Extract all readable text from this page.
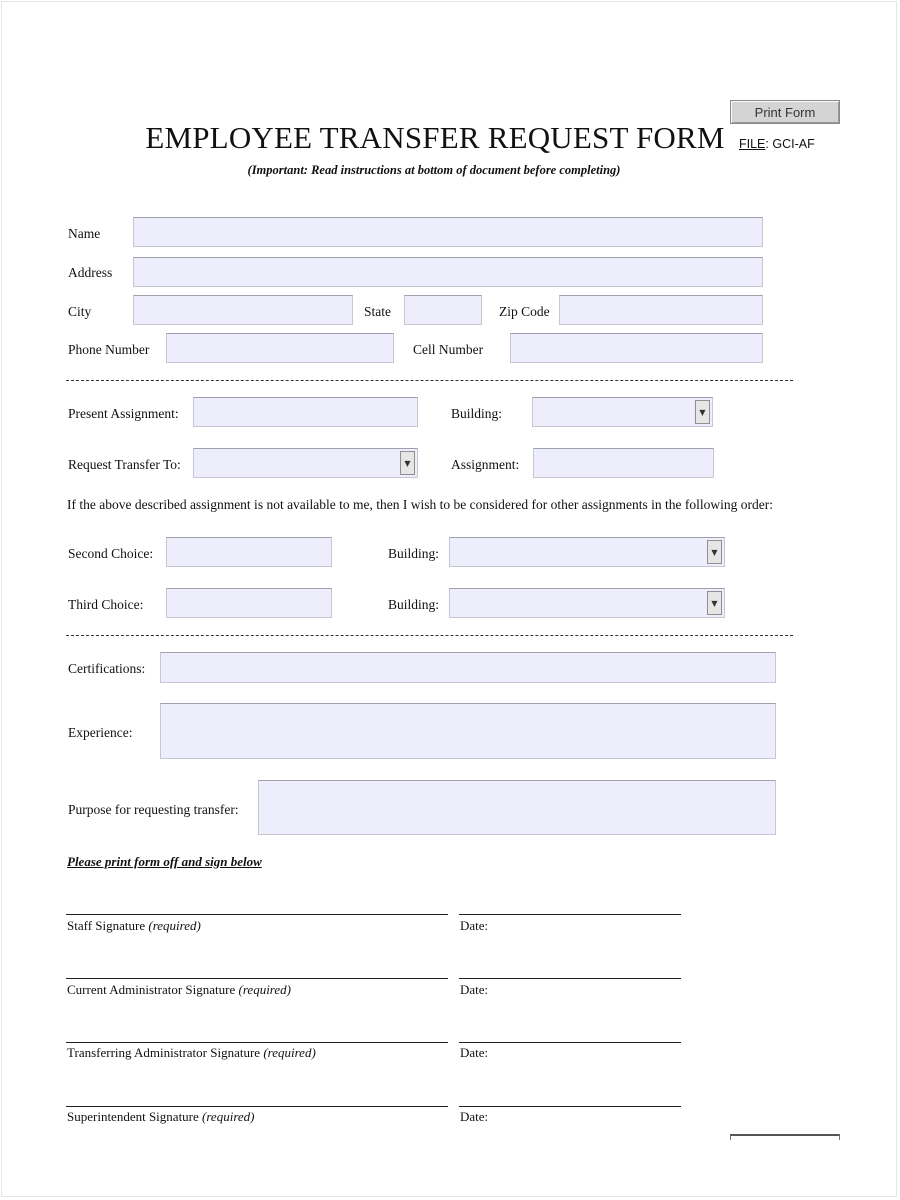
Print Form
EMPLOYEE TRANSFER REQUEST FORM	FILE: GCI-AF
(Important: Read instructions at bottom of document before completing)
Name
Address
City	State	Zip Code
Phone Number	Cell Number
Present Assignment:	Building:	▼
Request Transfer To:	▼	Assignment:
If the above described assignment is not available to me, then I wish to be considered for other assignments in the following order:
Second Choice:	Building:	▼
Third Choice:	Building:	▼
Certifications:
Experience:
Purpose for requesting transfer:
Please print form off and sign below
Staff Signature (required)	Date:
Current Administrator Signature (required)	Date:
Transferring Administrator Signature (required)	Date:
Superintendent Signature (required)	Date:
